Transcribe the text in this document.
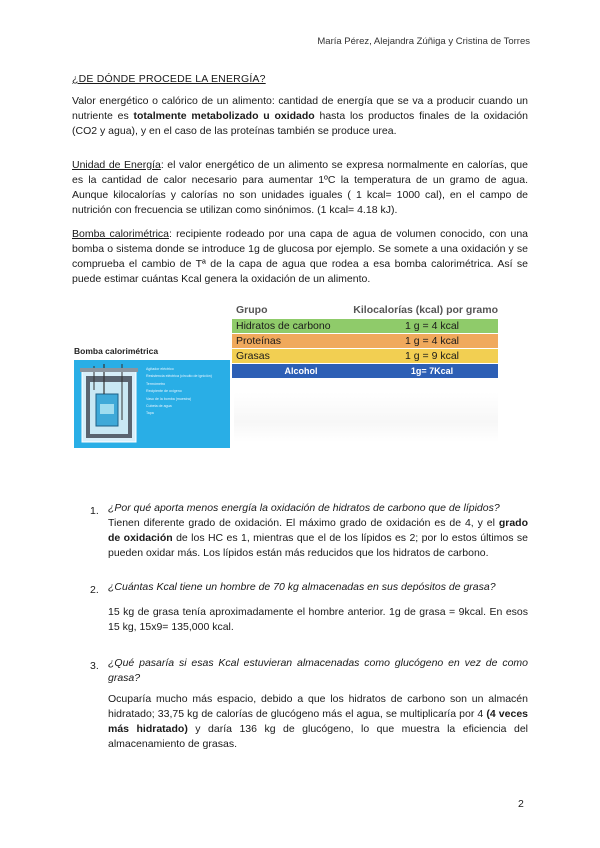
María Pérez, Alejandra Zúñiga y Cristina de Torres
¿DE DÓNDE PROCEDE LA ENERGÍA?

Valor energético o calórico de un alimento: cantidad de energía que se va a producir cuando un nutriente es totalmente metabolizado u oxidado hasta los productos finales de la oxidación (CO2 y agua), y en el caso de las proteínas también se produce urea.

Unidad de Energía: el valor energético de un alimento se expresa normalmente en calorías, que es la cantidad de calor necesario para aumentar 1ºC la temperatura de un gramo de agua. Aunque kilocalorías y calorías no son unidades iguales ( 1 kcal= 1000 cal), en el campo de nutrición con frecuencia se utilizan como sinónimos. (1 kcal= 4.18 kJ).

Bomba calorimétrica: recipiente rodeado por una capa de agua de volumen conocido, con una bomba o sistema donde se introduce 1g de glucosa por ejemplo. Se somete a una oxidación y se comprueba el cambio de Tª de la capa de agua que rodea a esa bomba calorimétrica. Así se puede estimar cuántas Kcal genera la oxidación de un alimento.

Bomba calorimétrica
Agitador eléctrico
Resistencia eléctrica (circuito de ignición)
Termómetro
Recipiente de oxígeno
Vaso de la bomba (muestra)
Cubeta de agua
Tapa
Grupo	Kilocalorías (kcal) por gramo
Hidratos de carbono	1 g = 4 kcal
Proteínas	1 g = 4 kcal
Grasas	1 g = 9 kcal
Alcohol	1g= 7Kcal
1. ¿Por qué aporta menos energía la oxidación de hidratos de carbono que de lípidos?
Tienen diferente grado de oxidación. El máximo grado de oxidación es de 4, y el grado de oxidación de los HC es 1, mientras que el de los lípidos es 2; por lo estos últimos se pueden oxidar más. Los lípidos están más reducidos que los hidratos de carbono.
2. ¿Cuántas Kcal tiene un hombre de 70 kg almacenadas en sus depósitos de grasa?
15 kg de grasa tenía aproximadamente el hombre anterior. 1g de grasa = 9kcal. En esos 15 kg, 15x9= 135,000 kcal.
3. ¿Qué pasaría si esas Kcal estuvieran almacenadas como glucógeno en vez de como grasa?
Ocuparía mucho más espacio, debido a que los hidratos de carbono son un almacén hidratado; 33,75 kg de calorías de glucógeno más el agua, se multiplicaría por 4 (4 veces más hidratado) y daría 136 kg de glucógeno, lo que muestra la eficiencia del almacenamiento de grasas.
2
